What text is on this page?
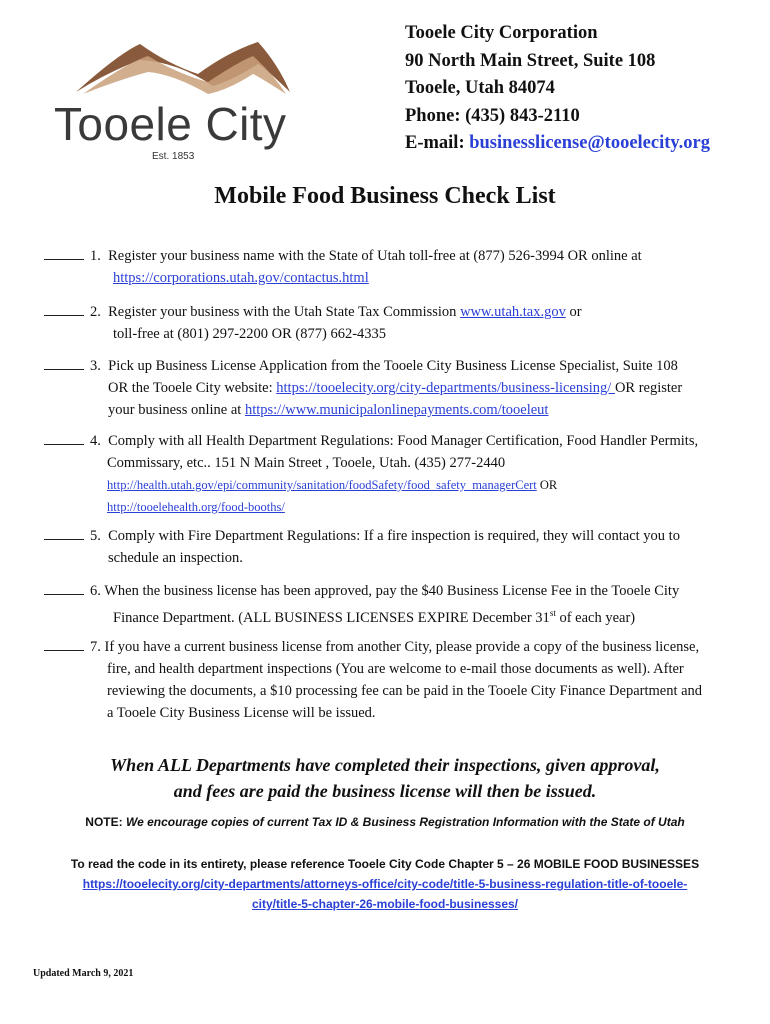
Tooele City
Est. 1853
Tooele City Corporation
90 North Main Street, Suite 108
Tooele, Utah 84074
Phone: (435) 843-2110
E-mail: businesslicense@tooelecity.org
Mobile Food Business Check List
1. Register your business name with the State of Utah toll-free at (877) 526-3994 OR online at
https://corporations.utah.gov/contactus.html
2. Register your business with the Utah State Tax Commission www.utah.tax.gov or
toll-free at (801) 297-2200 OR (877) 662-4335
3. Pick up Business License Application from the Tooele City Business License Specialist, Suite 108
OR the Tooele City website: https://tooelecity.org/city-departments/business-licensing/ OR register
your business online at https://www.municipalonlinepayments.com/tooeleut
4. Comply with all Health Department Regulations: Food Manager Certification, Food Handler Permits,
Commissary, etc.. 151 N Main Street , Tooele, Utah. (435) 277-2440
http://health.utah.gov/epi/community/sanitation/foodSafety/food_safety_managerCert OR
http://tooelehealth.org/food-booths/
5. Comply with Fire Department Regulations: If a fire inspection is required, they will contact you to
schedule an inspection.
6. When the business license has been approved, pay the $40 Business License Fee in the Tooele City
Finance Department. (ALL BUSINESS LICENSES EXPIRE December 31st of each year)
7. If you have a current business license from another City, please provide a copy of the business license,
fire, and health department inspections (You are welcome to e-mail those documents as well). After
reviewing the documents, a $10 processing fee can be paid in the Tooele City Finance Department and
a Tooele City Business License will be issued.
When ALL Departments have completed their inspections, given approval,
and fees are paid the business license will then be issued.
NOTE: We encourage copies of current Tax ID & Business Registration Information with the State of Utah
To read the code in its entirety, please reference Tooele City Code Chapter 5 – 26 MOBILE FOOD BUSINESSES
https://tooelecity.org/city-departments/attorneys-office/city-code/title-5-business-regulation-title-of-tooele-city/title-5-chapter-26-mobile-food-businesses/
Updated March 9, 2021
